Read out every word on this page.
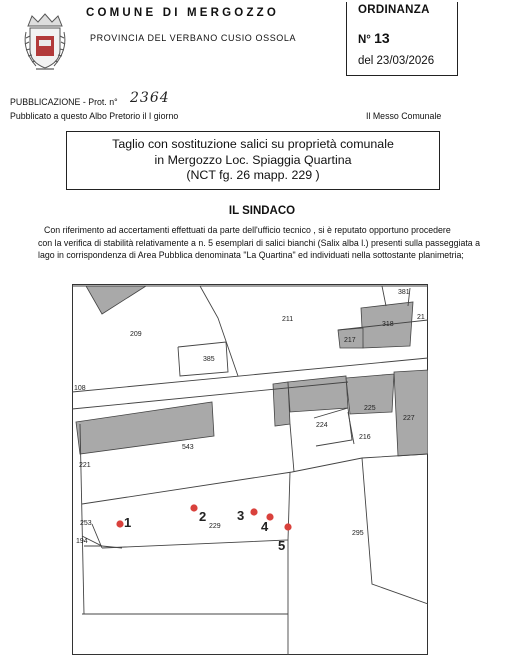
COMUNE DI MERGOZZO
PROVINCIA DEL VERBANO CUSIO OSSOLA
ORDINANZA
N° 13
del 23/03/2026
PUBBLICAZIONE - Prot. n° 2364
Pubblicato a questo Albo Pretorio il I giorno	Il Messo Comunale
Taglio con sostituzione salici su proprietà comunale
in Mergozzo Loc. Spiaggia Quartina
(NCT fg. 26 mapp. 229 )
IL SINDACO
Con riferimento ad accertamenti effettuati da parte dell'ufficio tecnico , si è reputato opportuno procedere
con la verifica di stabilità relativamente a n. 5 esemplari di salici bianchi (Salix alba l.) presenti sulla passeggiata a
lago in corrispondenza di Area Pubblica denominata "La Quartina" ed individuati nella sottostante planimetria;
381
211
318
21
209
217
385
108
225
227
224
543
216
221
229
253
194
295
1	2 3
4
5
